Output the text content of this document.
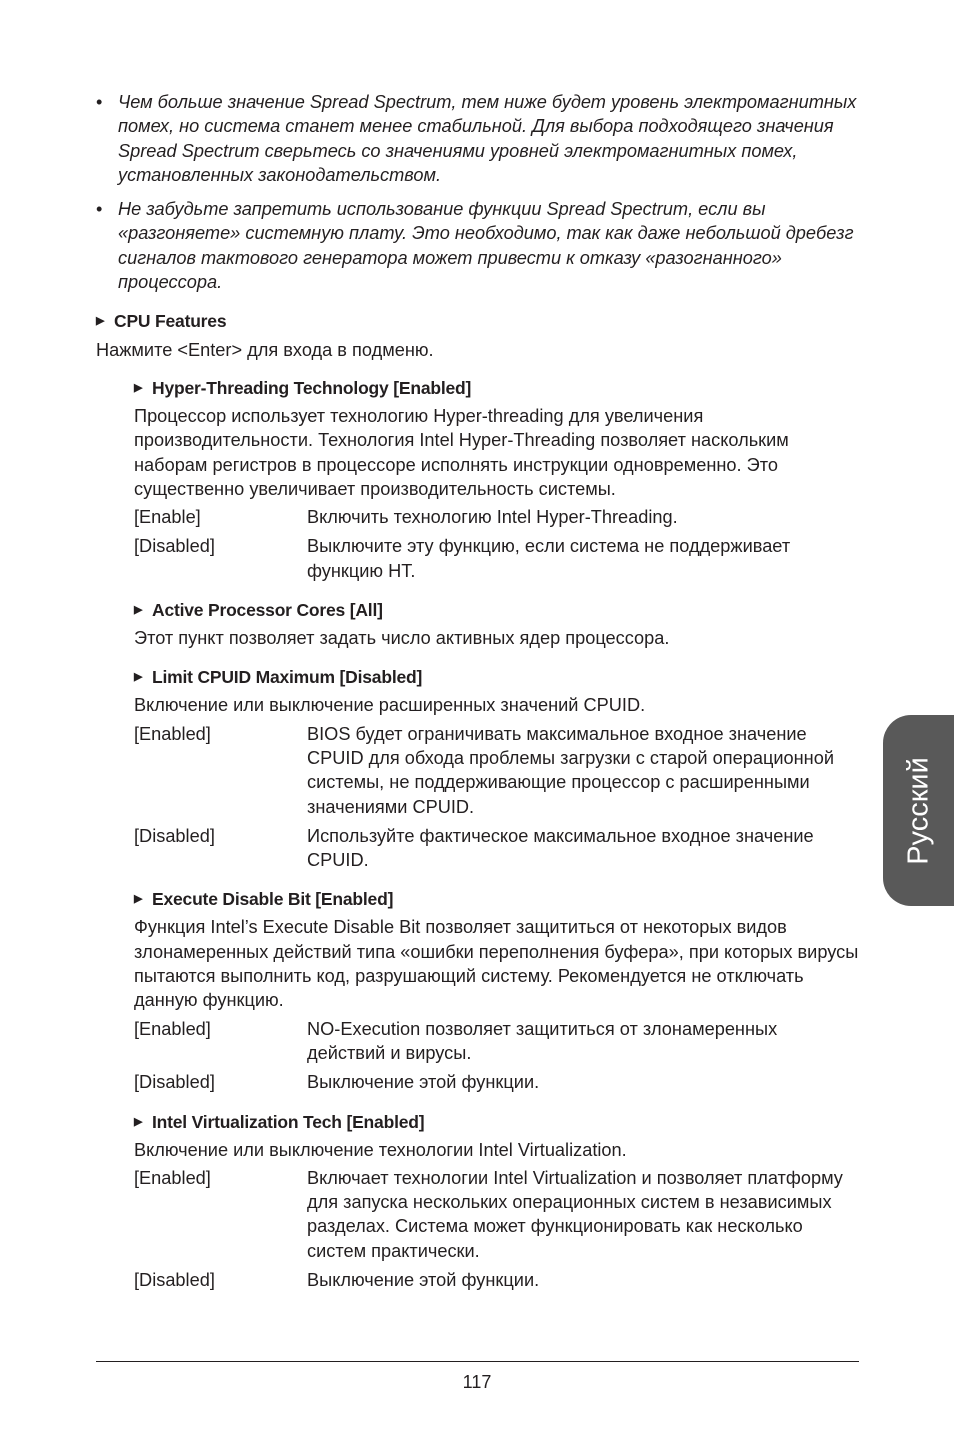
• Чем больше значение Spread Spectrum, тем ниже будет уровень электромагнитных помех, но система станет менее стабильной. Для выбора подходящего значения Spread Spectrum сверьтесь со значениями уровней электромагнитных помех, установленных законодательством.
• Не забудьте запретить использование функции Spread Spectrum, если вы «разгоняете» системную плату. Это необходимо, так как даже небольшой дребезг сигналов тактового генератора может привести к отказу «разогнанного» процессора.
▶ CPU Features
Нажмите <Enter> для входа в подменю.
▶ Hyper-Threading Technology [Enabled]
Процессор использует технологию Hyper-threading для увеличения производительности. Технология Intel Hyper-Threading позволяет наскольким наборам регистров в процессоре исполнять инструкции одновременно. Это существенно увеличивает производительность системы.
[Enable]	Включить технологию Intel Hyper-Threading.
[Disabled]	Выключите эту функцию, если система не поддерживает функцию HT.
▶ Active Processor Cores [All]
Этот пункт позволяет задать число активных ядер процессора.
▶ Limit CPUID Maximum [Disabled]
Включение или выключение расширенных значений CPUID.
[Enabled]	BIOS будет ограничивать максимальное входное значение CPUID для обхода проблемы загрузки с старой операционной системы, не поддерживающие процессор с расширенными значениями CPUID.
[Disabled]	Используйте фактическое максимальное входное значение CPUID.
▶ Execute Disable Bit [Enabled]
Функция Intel’s Execute Disable Bit позволяет защититься от некоторых видов злонамеренных действий типа «ошибки переполнения буфера», при которых вирусы пытаются выполнить код, разрушающий систему. Рекомендуется не отключать данную функцию.
[Enabled]	NO-Execution позволяет защититься от злонамеренных действий и вирусы.
[Disabled]	Выключение этой функции.
▶ Intel Virtualization Tech [Enabled]
Включение или выключение технологии Intel Virtualization.
[Enabled]	Включает технологии Intel Virtualization и позволяет платформу для запуска нескольких операционных систем в независимых разделах. Система может функционировать как несколько систем практически.
[Disabled]	Выключение этой функции.
Русский
117
